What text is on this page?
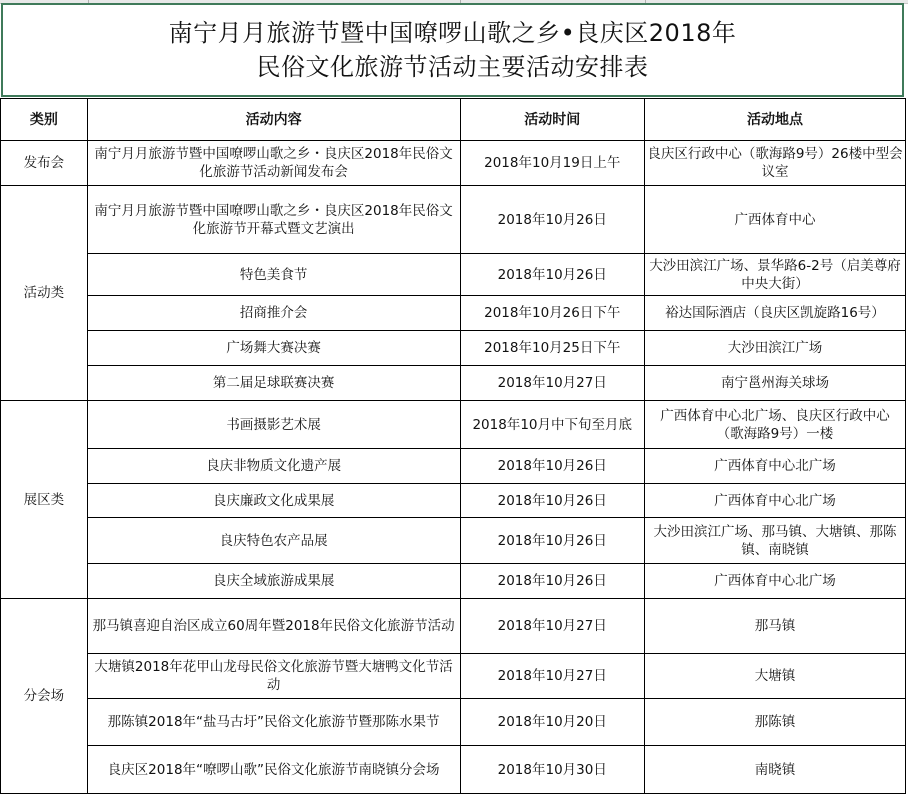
南宁月月旅游节暨中国嘹啰山歌之乡•良庆区2018年
民俗文化旅游节活动主要活动安排表
类别	活动内容	活动时间	活动地点
发布会	南宁月月旅游节暨中国嘹啰山歌之乡・良庆区2018年民俗文化旅游节活动新闻发布会	2018年10月19日上午	良庆区行政中心（歌海路9号）26楼中型会议室
活动类	南宁月月旅游节暨中国嘹啰山歌之乡・良庆区2018年民俗文化旅游节开幕式暨文艺演出	2018年10月26日	广西体育中心
	特色美食节	2018年10月26日	大沙田滨江广场、景华路6-2号（启美尊府中央大街）
	招商推介会	2018年10月26日下午	裕达国际酒店（良庆区凯旋路16号）
	广场舞大赛决赛	2018年10月25日下午	大沙田滨江广场
	第二届足球联赛决赛	2018年10月27日	南宁邕州海关球场
展区类	书画摄影艺术展	2018年10月中下旬至月底	广西体育中心北广场、良庆区行政中心（歌海路9号）一楼
	良庆非物质文化遗产展	2018年10月26日	广西体育中心北广场
	良庆廉政文化成果展	2018年10月26日	广西体育中心北广场
	良庆特色农产品展	2018年10月26日	大沙田滨江广场、那马镇、大塘镇、那陈镇、南晓镇
	良庆全域旅游成果展	2018年10月26日	广西体育中心北广场
分会场	那马镇喜迎自治区成立60周年暨2018年民俗文化旅游节活动	2018年10月27日	那马镇
	大塘镇2018年花甲山龙母民俗文化旅游节暨大塘鸭文化节活动	2018年10月27日	大塘镇
	那陈镇2018年“盐马古圩”民俗文化旅游节暨那陈水果节	2018年10月20日	那陈镇
	良庆区2018年“嘹啰山歌”民俗文化旅游节南晓镇分会场	2018年10月30日	南晓镇
